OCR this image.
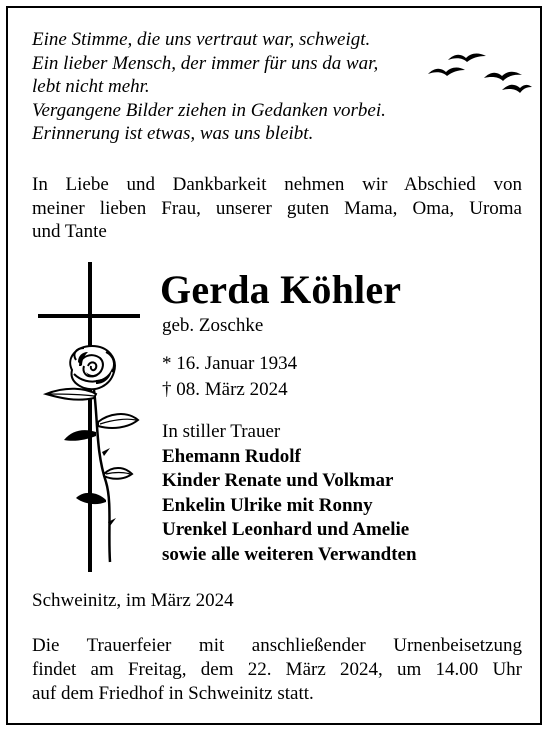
Eine Stimme, die uns vertraut war, schweigt.
Ein lieber Mensch, der immer für uns da war,
lebt nicht mehr.
Vergangene Bilder ziehen in Gedanken vorbei.
Erinnerung ist etwas, was uns bleibt.
In Liebe und Dankbarkeit nehmen wir Abschied von
meiner lieben Frau, unserer guten Mama, Oma, Uroma
und Tante
Gerda Köhler
geb. Zoschke
* 16. Januar 1934
† 08. März 2024
In stiller Trauer
Ehemann Rudolf
Kinder Renate und Volkmar
Enkelin Ulrike mit Ronny
Urenkel Leonhard und Amelie
sowie alle weiteren Verwandten
Schweinitz, im März 2024
Die Trauerfeier mit anschließender Urnenbeisetzung
findet am Freitag, dem 22. März 2024, um 14.00 Uhr
auf dem Friedhof in Schweinitz statt.
